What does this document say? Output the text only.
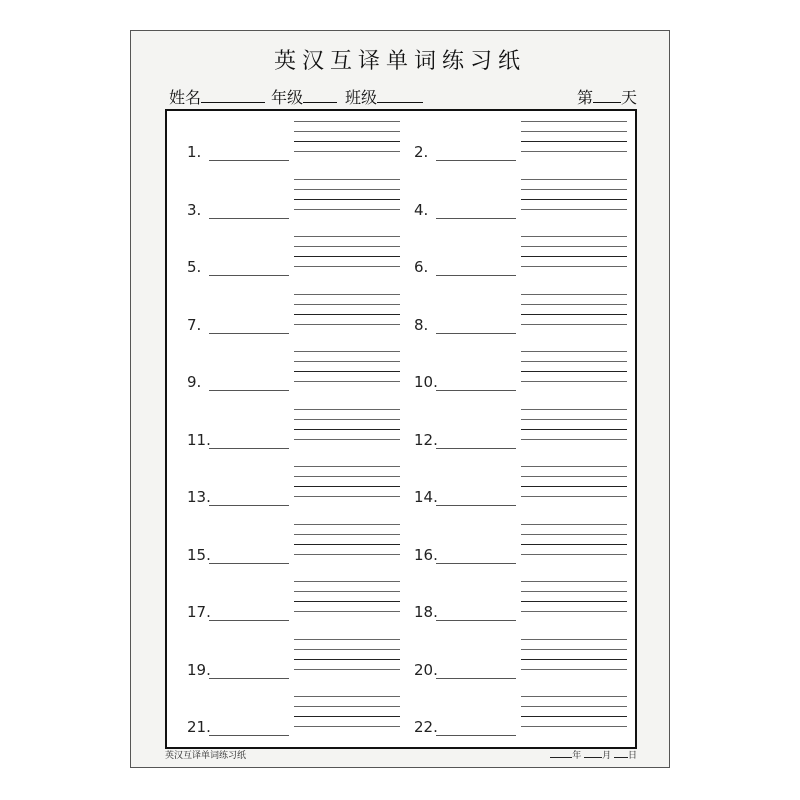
英汉互译单词练习纸
姓名	年级	班级	第 天
1.	2.
3.	4.
5.	6.
7.	8.
9.	10.
11.	12.
13.	14.
15.	16.
17.	18.
19.	20.
21.	22.
英汉互译单词练习纸	年 月 日
